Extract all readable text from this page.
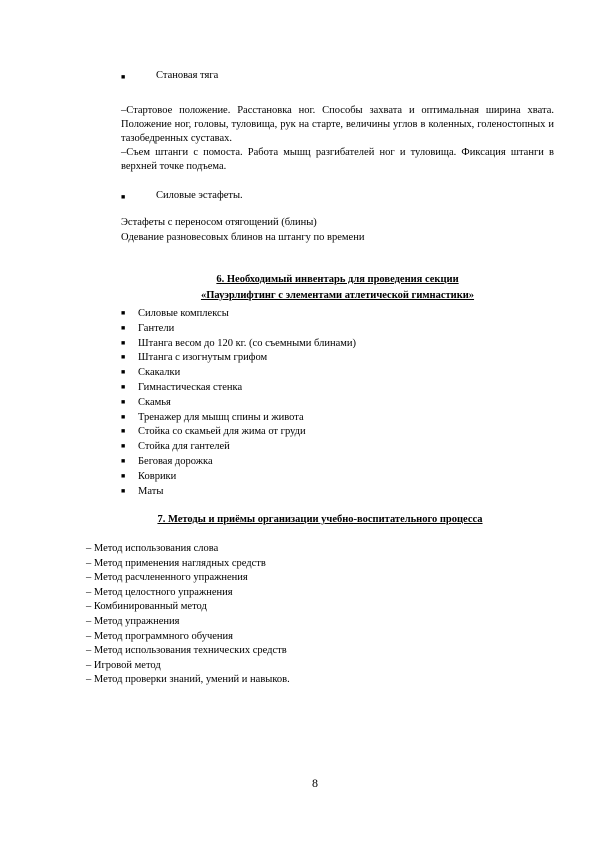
■	Становая тяга
–Стартовое положение. Расстановка ног. Способы захвата и оптимальная ширина хвата. Положение ног, головы, туловища, рук на старте, величины углов в коленных, голеностопных и тазобедренных суставах.
–Съем штанги с помоста. Работа мышц разгибателей ног и туловища. Фиксация штанги в верхней точке подъема.
■	Силовые эстафеты.
Эстафеты с переносом отягощений (блины)
Одевание разновесовых блинов на штангу по времени
6. Необходимый инвентарь для проведения секции
«Пауэрлифтинг с элементами атлетической гимнастики»
■ Силовые комплексы
■ Гантели
■ Штанга весом до 120 кг. (со съемными блинами)
■ Штанга с изогнутым грифом
■ Скакалки
■ Гимнастическая стенка
■ Скамья
■ Тренажер для мышц спины и живота
■ Стойка со скамьей для жима от груди
■ Стойка для гантелей
■ Беговая дорожка
■ Коврики
■ Маты
7. Методы и приёмы организации учебно-воспитательного процесса
– Метод использования слова
– Метод применения наглядных средств
– Метод расчлененного упражнения
– Метод целостного упражнения
– Комбинированный метод
– Метод упражнения
– Метод программного обучения
– Метод использования технических средств
– Игровой метод
– Метод проверки знаний, умений и навыков.
8
